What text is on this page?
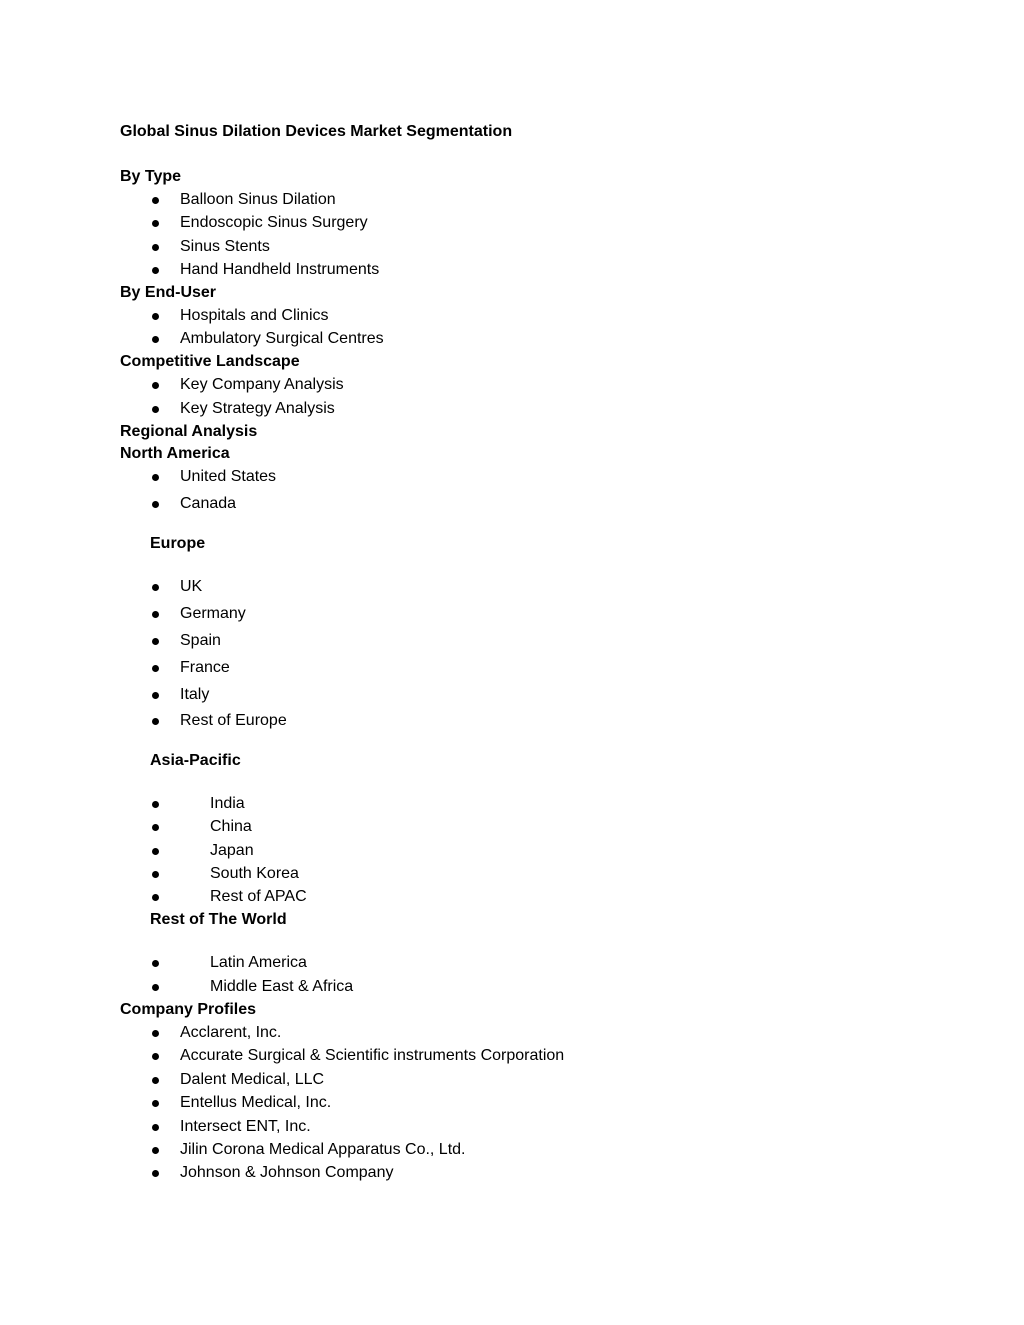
Global Sinus Dilation Devices Market Segmentation
By Type
Balloon Sinus Dilation
Endoscopic Sinus Surgery
Sinus Stents
Hand Handheld Instruments
By End-User
Hospitals and Clinics
Ambulatory Surgical Centres
Competitive Landscape
Key Company Analysis
Key Strategy Analysis
Regional Analysis
North America
United States
Canada
Europe
UK
Germany
Spain
France
Italy
Rest of Europe
Asia-Pacific
India
China
Japan
South Korea
Rest of APAC
Rest of The World
Latin America
Middle East & Africa
Company Profiles
Acclarent, Inc.
Accurate Surgical & Scientific instruments Corporation
Dalent Medical, LLC
Entellus Medical, Inc.
Intersect ENT, Inc.
Jilin Corona Medical Apparatus Co., Ltd.
Johnson & Johnson Company
